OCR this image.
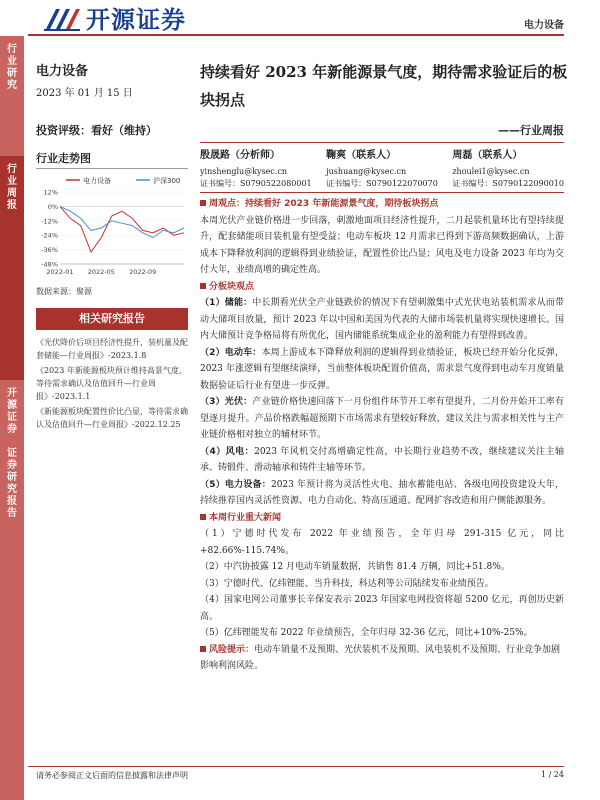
行
业
研
究
行
业
周
报
开
源
证
券

证
券
研
究
报
告
开源证券	电力设备
电力设备
2023 年 01 月 15 日
投资评级：看好（维持）
行业走势图
电力设备	沪深300
12%
0%
-12%
-24%
-36%
-48%
2022-01 2022-05 2022-09
数据来源：聚源
相关研究报告

《光伏降价后项目经济性提升，装机量及配套储能—行业周报》-2023.1.8

《2023 年新能源板块预计维持高景气度，等待需求确认及估值回升—行业周报》-2023.1.1

《新能源板块配置性价比凸显，等待需求确认及估值回升—行业周报》-2022.12.25

持续看好 2023 年新能源景气度，期待需求验证后的板块拐点
——行业周报
殷晟路（分析师）
yinshenglu@kysec.cn
证书编号：S0790522080001
鞠爽（联系人）
jushuang@kysec.cn
证书编号：S0790122070070
周磊（联系人）
zhoulei1@kysec.cn
证书编号：S0790122090010
周观点：持续看好 2023 年新能源景气度，期待板块拐点
本周光伏产业链价格进一步回落，刺激地面项目经济性提升，二月起装机量环比有望持续提升，配套储能项目装机量有望受益；电动车板块 12 月需求已得到下游高频数据确认，上游成本下降释放利润的逻辑得到业绩验证，配置性价比凸显；风电及电力设备 2023 年均为交付大年，业绩高增的确定性高。
分板块观点
（1）储能：中长期看光伏全产业链跌价的情况下有望刺激集中式光伏电站装机需求从而带动大储项目放量，预计 2023 年以中国和美国为代表的大储市场装机量将实现快速增长。国内大储预计竞争格局将有所优化，国内储能系统集成企业的盈利能力有望得到改善。
（2）电动车：本周上游成本下降释放利润的逻辑得到业绩验证，板块已经开始分化反弹，2023 年涨逻辑有望继续演绎，当前整体板块配置价值高，需求景气度得到电动车月度销量数据验证后行业有望进一步反弹。
（3）光伏：产业链价格快速回落下一月份组件环节开工率有望提升，二月份开始开工率有望逐月提升。产品价格跌幅超预期下市场需求有望较好释放，建议关注与需求相关性与主产业链价格相对独立的辅材环节。
（4）风电：2023 年风机交付高增确定性高，中长期行业趋势不改，继续建议关注主轴承、铸锻件、滑动轴承和铸件主轴等环节。
（5）电力设备：2023 年预计将为灵活性火电、抽水蓄能电站、各级电网投资建设大年，持续推荐国内灵活性资源、电力自动化、特高压通道、配网扩容改造和用户侧能源服务。
本周行业重大新闻
（1）宁德时代发布 2022 年业绩预告，全年归母 291-315 亿元，同比+82.66%-115.74%。
（2）中汽协披露 12 月电动车销量数据，共销售 81.4 万辆，同比+51.8%。
（3）宁德时代、亿纬锂能、当升科技，科达利等公司陆续发布业绩预告。
（4）国家电网公司董事长辛保安表示 2023 年国家电网投资将超 5200 亿元，再创历史新高。
（5）亿纬锂能发布 2022 年业绩预告，全年归母 32-36 亿元，同比+10%-25%。
风险提示：电动车销量不及预期、光伏装机不及预期、风电装机不及预期、行业竞争加剧影响利润风险。
请务必参阅正文后面的信息披露和法律声明	1 / 24
